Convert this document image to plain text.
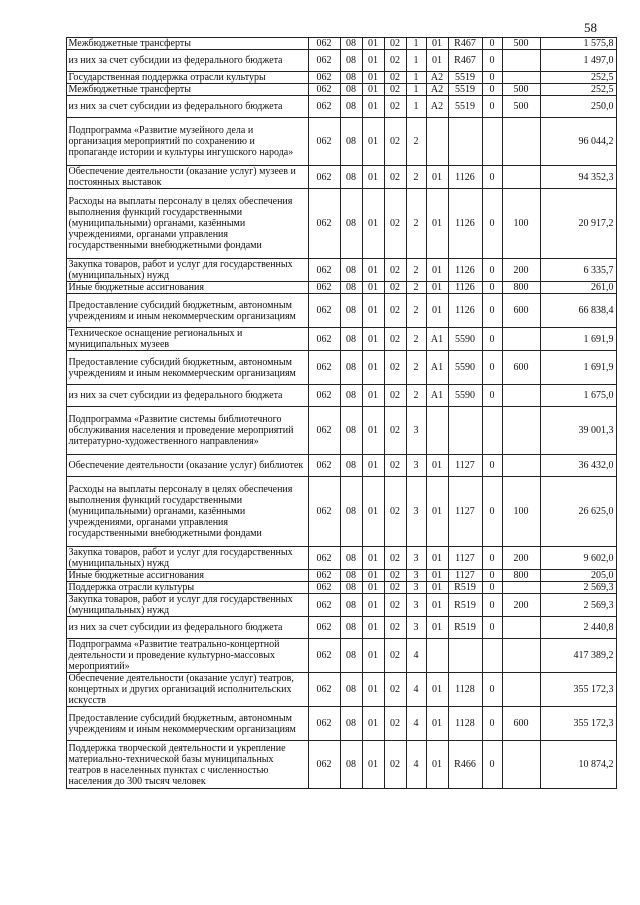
58
	Межбюджетные трансферты	062	08	01	02	1	01	R467	0	500	1 575,8
	из них за счет субсидии из федерального бюджета	062	08	01	02	1	01	R467	0		1 497,0
	Государственная поддержка отрасли культуры	062	08	01	02	1	A2	5519	0		252,5
	Межбюджетные трансферты	062	08	01	02	1	A2	5519	0	500	252,5
	из них за счет субсидии из федерального бюджета	062	08	01	02	1	A2	5519	0	500	250,0
	Подпрограмма «Развитие музейного дела и организация мероприятий по сохранению и пропаганде истории и культуры ингушского народа»	062	08	01	02	2					96 044,2
	Обеспечение деятельности (оказание услуг) музеев и постоянных выставок	062	08	01	02	2	01	1126	0		94 352,3
	Расходы на выплаты персоналу в целях обеспечения выполнения функций государственными (муниципальными) органами, казёнными учреждениями, органами управления государственными внебюджетными фондами	062	08	01	02	2	01	1126	0	100	20 917,2
	Закупка товаров, работ и услуг для государственных (муниципальных) нужд	062	08	01	02	2	01	1126	0	200	6 335,7
	Иные бюджетные ассигнования	062	08	01	02	2	01	1126	0	800	261,0
	Предоставление субсидий бюджетным, автономным учреждениям и иным некоммерческим организациям	062	08	01	02	2	01	1126	0	600	66 838,4
	Техническое оснащение региональных и муниципальных музеев	062	08	01	02	2	A1	5590	0		1 691,9
	Предоставление субсидий бюджетным, автономным учреждениям и иным некоммерческим организациям	062	08	01	02	2	A1	5590	0	600	1 691,9
	из них за счет субсидии из федерального бюджета	062	08	01	02	2	A1	5590	0		1 675,0
	Подпрограмма «Развитие системы библиотечного обслуживания населения и проведение мероприятий литературно-художественного направления»	062	08	01	02	3					39 001,3
	Обеспечение деятельности (оказание услуг) библиотек	062	08	01	02	3	01	1127	0		36 432,0
	Расходы на выплаты персоналу в целях обеспечения выполнения функций государственными (муниципальными) органами, казёнными учреждениями, органами управления государственными внебюджетными фондами	062	08	01	02	3	01	1127	0	100	26 625,0
	Закупка товаров, работ и услуг для государственных (муниципальных) нужд	062	08	01	02	3	01	1127	0	200	9 602,0
	Иные бюджетные ассигнования	062	08	01	02	3	01	1127	0	800	205,0
	Поддержка отрасли культуры	062	08	01	02	3	01	R519	0		2 569,3
	Закупка товаров, работ и услуг для государственных (муниципальных) нужд	062	08	01	02	3	01	R519	0	200	2 569,3
	из них за счет субсидии из федерального бюджета	062	08	01	02	3	01	R519	0		2 440,8
	Подпрограмма «Развитие театрально-концертной деятельности и проведение культурно-массовых мероприятий»	062	08	01	02	4					417 389,2
	Обеспечение деятельности (оказание услуг) театров, концертных и других организаций исполнительских искусств	062	08	01	02	4	01	1128	0		355 172,3
	Предоставление субсидий бюджетным, автономным учреждениям и иным некоммерческим организациям	062	08	01	02	4	01	1128	0	600	355 172,3
	Поддержка творческой деятельности и укрепление материально-технической базы муниципальных театров в населенных пунктах с численностью населения до 300 тысяч человек	062	08	01	02	4	01	R466	0		10 874,2
